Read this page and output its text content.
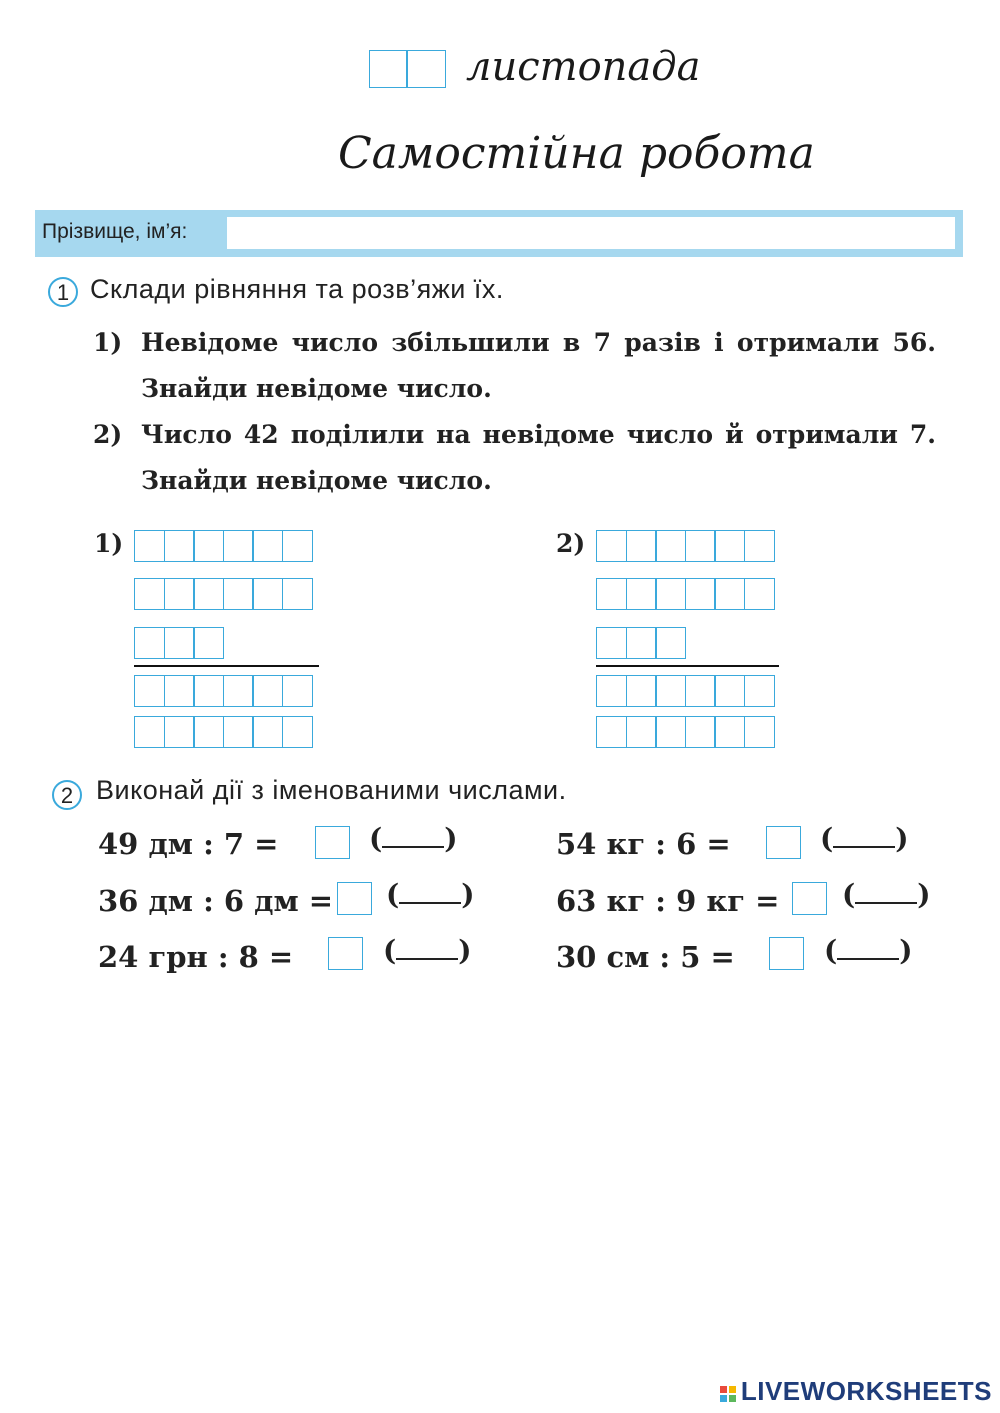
листопада
Самостійна робота
Прізвище, ім’я:
1 Склади рівняння та розв’яжи їх.
1) Невідоме число збільшили в 7 разів і отримали 56. Знайди невідоме число.
2) Число 42 поділили на невідоме число й отримали 7. Знайди невідоме число.
1)	2)
2 Виконай дії з іменованими числами.
49 дм : 7 =	( )
36 дм : 6 дм = ( )
24 грн : 8 =	( )
54 кг : 6 =	( )
63 кг : 9 кг = ( )
30 см : 5 =	( )

LIVEWORKSHEETS
